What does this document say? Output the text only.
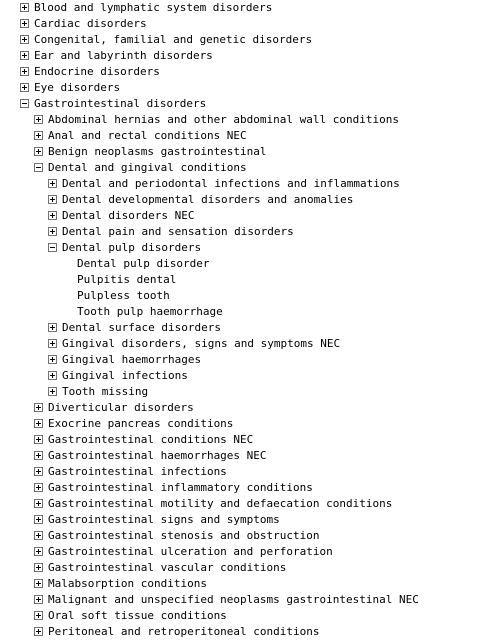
Blood and lymphatic system disorders
Cardiac disorders
Congenital, familial and genetic disorders
Ear and labyrinth disorders
Endocrine disorders
Eye disorders
Gastrointestinal disorders
Abdominal hernias and other abdominal wall conditions
Anal and rectal conditions NEC
Benign neoplasms gastrointestinal
Dental and gingival conditions
Dental and periodontal infections and inflammations
Dental developmental disorders and anomalies
Dental disorders NEC
Dental pain and sensation disorders
Dental pulp disorders
Dental pulp disorder
Pulpitis dental
Pulpless tooth
Tooth pulp haemorrhage
Dental surface disorders
Gingival disorders, signs and symptoms NEC
Gingival haemorrhages
Gingival infections
Tooth missing
Diverticular disorders
Exocrine pancreas conditions
Gastrointestinal conditions NEC
Gastrointestinal haemorrhages NEC
Gastrointestinal infections
Gastrointestinal inflammatory conditions
Gastrointestinal motility and defaecation conditions
Gastrointestinal signs and symptoms
Gastrointestinal stenosis and obstruction
Gastrointestinal ulceration and perforation
Gastrointestinal vascular conditions
Malabsorption conditions
Malignant and unspecified neoplasms gastrointestinal NEC
Oral soft tissue conditions
Peritoneal and retroperitoneal conditions
